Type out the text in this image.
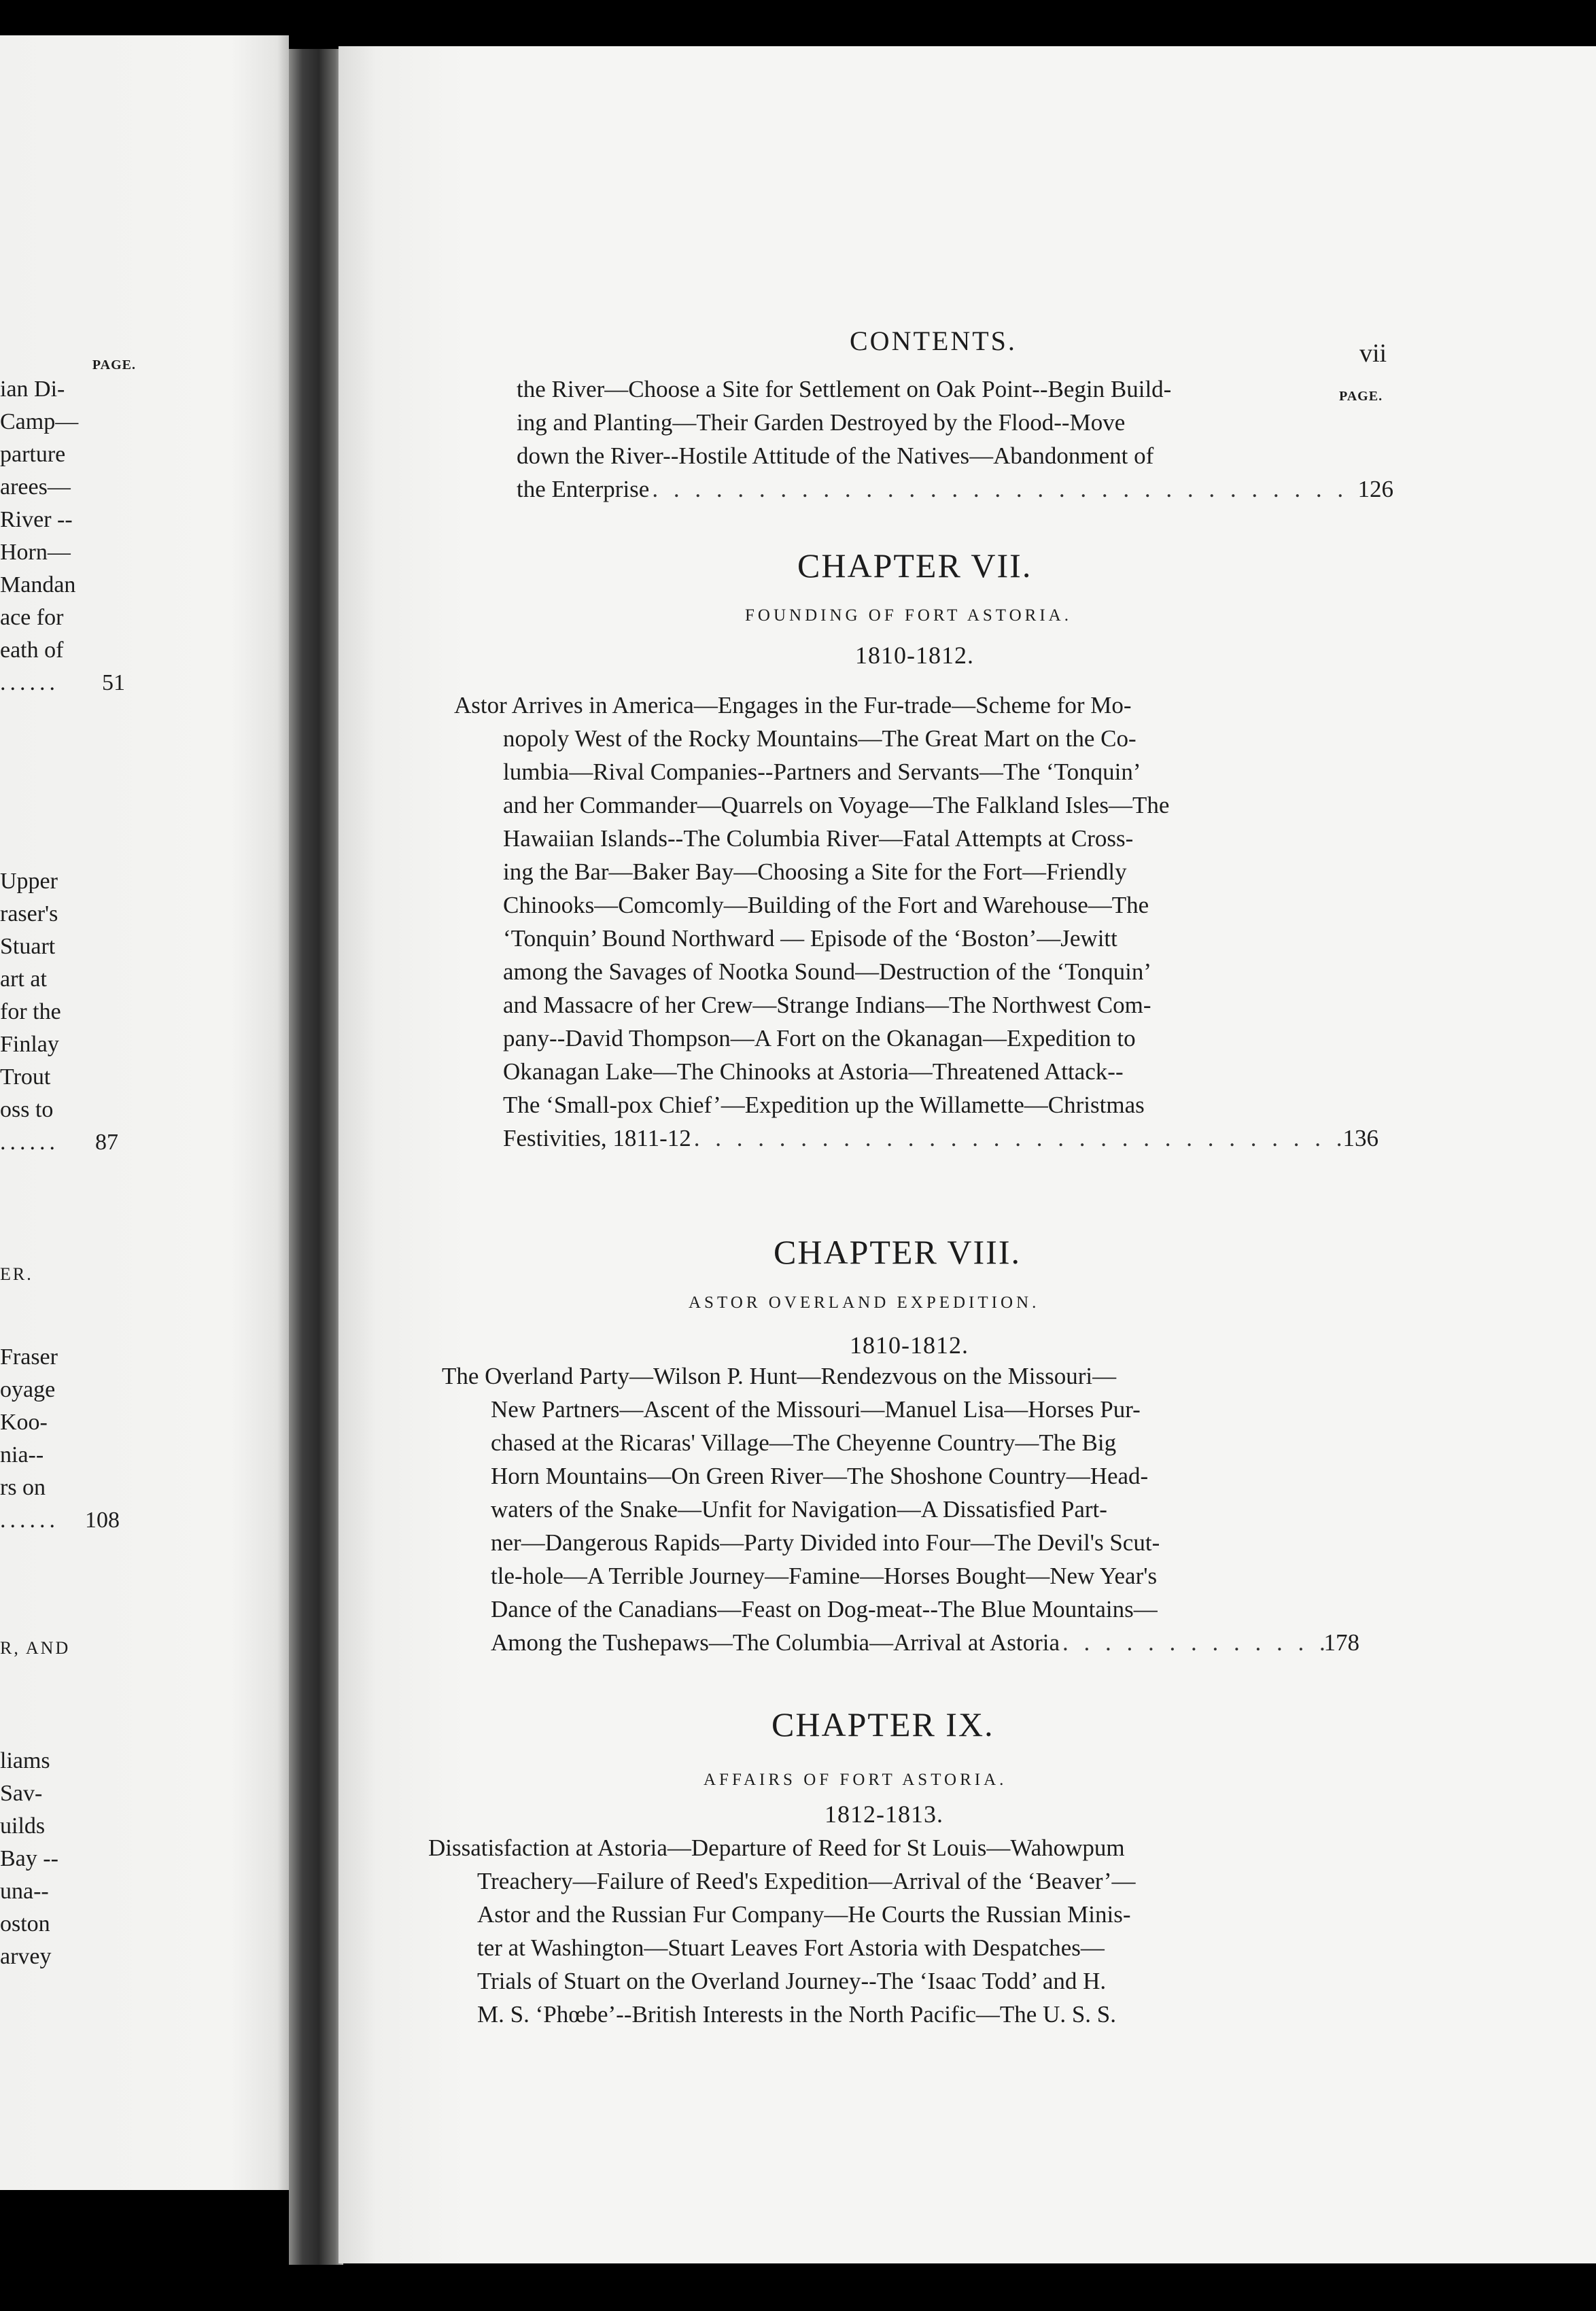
PAGE.
ian Di-
Camp—
parture
arees—
River --
Horn—
Mandan
ace for
eath of
...... 51
Upper
raser's
Stuart
art at
for the
Finlay
Trout
oss to
...... 87
ER.
Fraser
oyage
Koo-
nia--
rs on
...... 108
R, AND
liams
Sav-
uilds
Bay --
una--
oston
arvey
CONTENTS.	vii
PAGE.
the River—Choose a Site for Settlement on Oak Point--Begin Build-
ing and Planting—Their Garden Destroyed by the Flood--Move
down the River--Hostile Attitude of the Natives—Abandonment of
the Enterprise . . .	126
CHAPTER VII.
FOUNDING OF FORT ASTORIA.
1810-1812.
Astor Arrives in America—Engages in the Fur-trade—Scheme for Mo-
nopoly West of the Rocky Mountains—The Great Mart on the Co-
lumbia—Rival Companies--Partners and Servants—The ‘Tonquin’
and her Commander—Quarrels on Voyage—The Falkland Isles—The
Hawaiian Islands--The Columbia River—Fatal Attempts at Cross-
ing the Bar—Baker Bay—Choosing a Site for the Fort—Friendly
Chinooks—Comcomly—Building of the Fort and Warehouse—The
‘Tonquin’ Bound Northward — Episode of the ‘Boston’—Jewitt
among the Savages of Nootka Sound—Destruction of the ‘Tonquin’
and Massacre of her Crew—Strange Indians—The Northwest Com-
pany--David Thompson—A Fort on the Okanagan—Expedition to
Okanagan Lake—The Chinooks at Astoria—Threatened Attack--
The ‘Small-pox Chief’—Expedition up the Willamette—Christmas
Festivities, 1811-12 . . .	136
CHAPTER VIII.
ASTOR OVERLAND EXPEDITION.
1810-1812.
The Overland Party—Wilson P. Hunt—Rendezvous on the Missouri—
New Partners—Ascent of the Missouri—Manuel Lisa—Horses Pur-
chased at the Ricaras' Village—The Cheyenne Country—The Big
Horn Mountains—On Green River—The Shoshone Country—Head-
waters of the Snake—Unfit for Navigation—A Dissatisfied Part-
ner—Dangerous Rapids—Party Divided into Four—The Devil's Scut-
tle-hole—A Terrible Journey—Famine—Horses Bought—New Year's
Dance of the Canadians—Feast on Dog-meat--The Blue Mountains—
Among the Tushepaws—The Columbia—Arrival at Astoria . . .	178
CHAPTER IX.
AFFAIRS OF FORT ASTORIA.
1812-1813.
Dissatisfaction at Astoria—Departure of Reed for St Louis—Wahowpum
Treachery—Failure of Reed's Expedition—Arrival of the ‘Beaver’—
Astor and the Russian Fur Company—He Courts the Russian Minis-
ter at Washington—Stuart Leaves Fort Astoria with Despatches—
Trials of Stuart on the Overland Journey--The ‘Isaac Todd’ and H.
M. S. ‘Phœbe’--British Interests in the North Pacific—The U. S. S.
